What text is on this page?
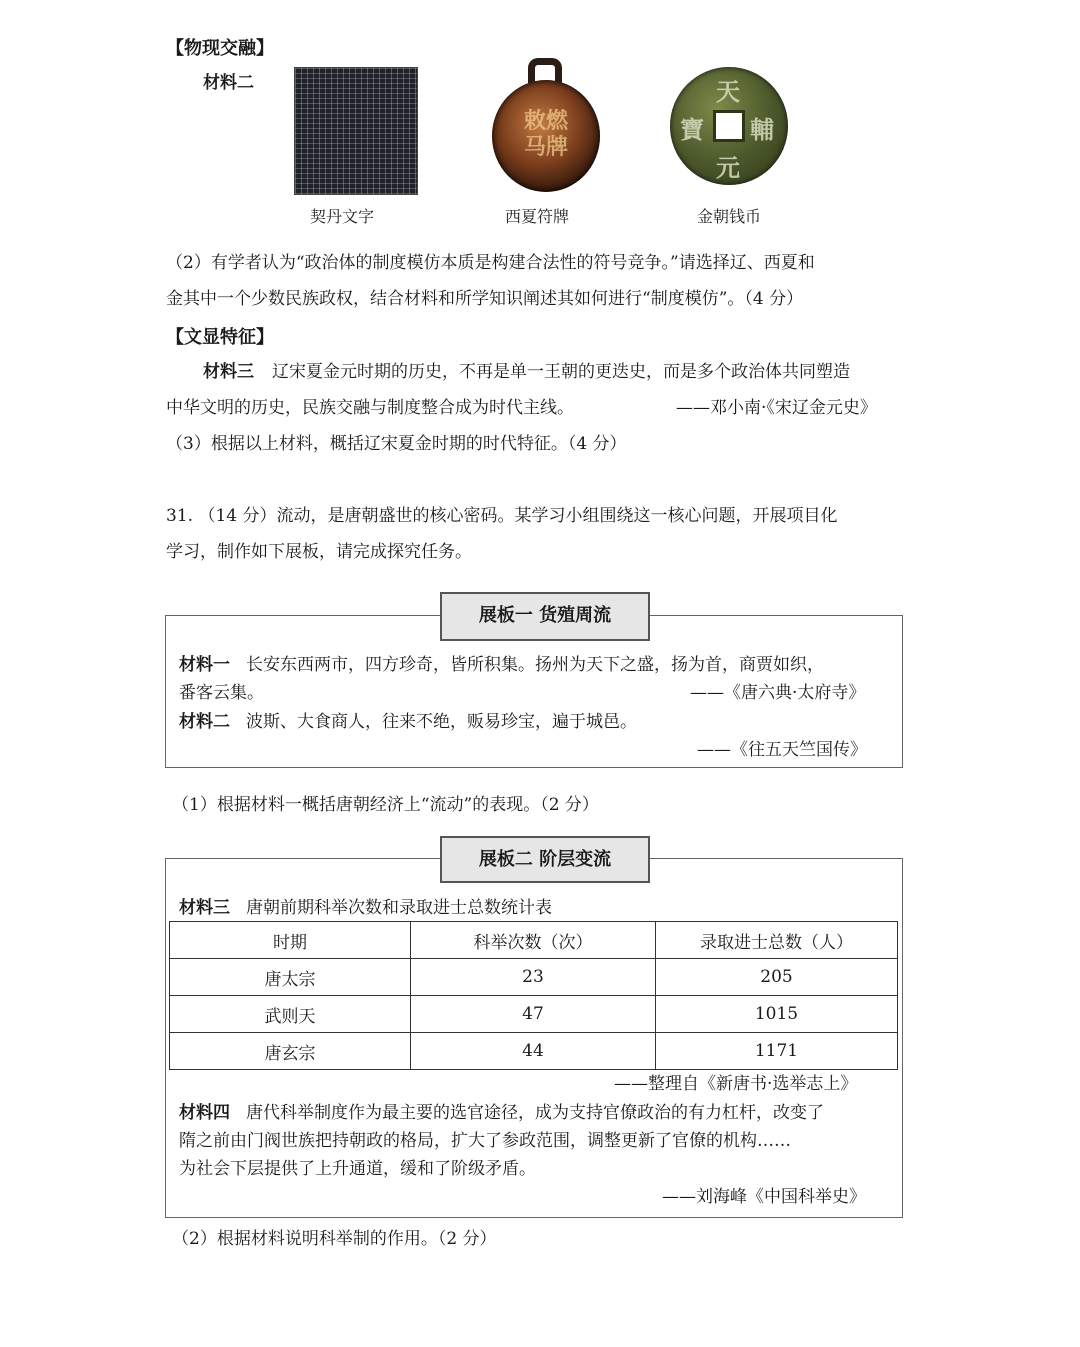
【物现交融】
材料二
契丹文字
敕燃马牌
西夏符牌
天
輔
元
寶
金朝钱币
（2）有学者认为“政治体的制度模仿本质是构建合法性的符号竞争。”请选择辽、西夏和
金其中一个少数民族政权，结合材料和所学知识阐述其如何进行“制度模仿”。（4 分）
【文显特征】
材料三 辽宋夏金元时期的历史，不再是单一王朝的更迭史，而是多个政治体共同塑造
中华文明的历史，民族交融与制度整合成为时代主线。	——邓小南·《宋辽金元史》
（3）根据以上材料，概括辽宋夏金时期的时代特征。（4 分）
31. （14 分）流动，是唐朝盛世的核心密码。某学习小组围绕这一核心问题，开展项目化
学习，制作如下展板，请完成探究任务。
展板一 货殖周流
材料一 长安东西两市，四方珍奇，皆所积集。扬州为天下之盛，扬为首，商贾如织，
番客云集。	——《唐六典·太府寺》
材料二 波斯、大食商人，往来不绝，贩易珍宝，遍于城邑。
——《往五天竺国传》
（1）根据材料一概括唐朝经济上“流动”的表现。（2 分）
展板二 阶层变流
材料三 唐朝前期科举次数和录取进士总数统计表
时期	科举次数（次）	录取进士总数（人）
唐太宗	23	205
武则天	47	1015
唐玄宗	44	1171
——整理自《新唐书·选举志上》
材料四 唐代科举制度作为最主要的选官途径，成为支持官僚政治的有力杠杆，改变了
隋之前由门阀世族把持朝政的格局，扩大了参政范围，调整更新了官僚的机构……
为社会下层提供了上升通道，缓和了阶级矛盾。
——刘海峰《中国科举史》
（2）根据材料说明科举制的作用。（2 分）
